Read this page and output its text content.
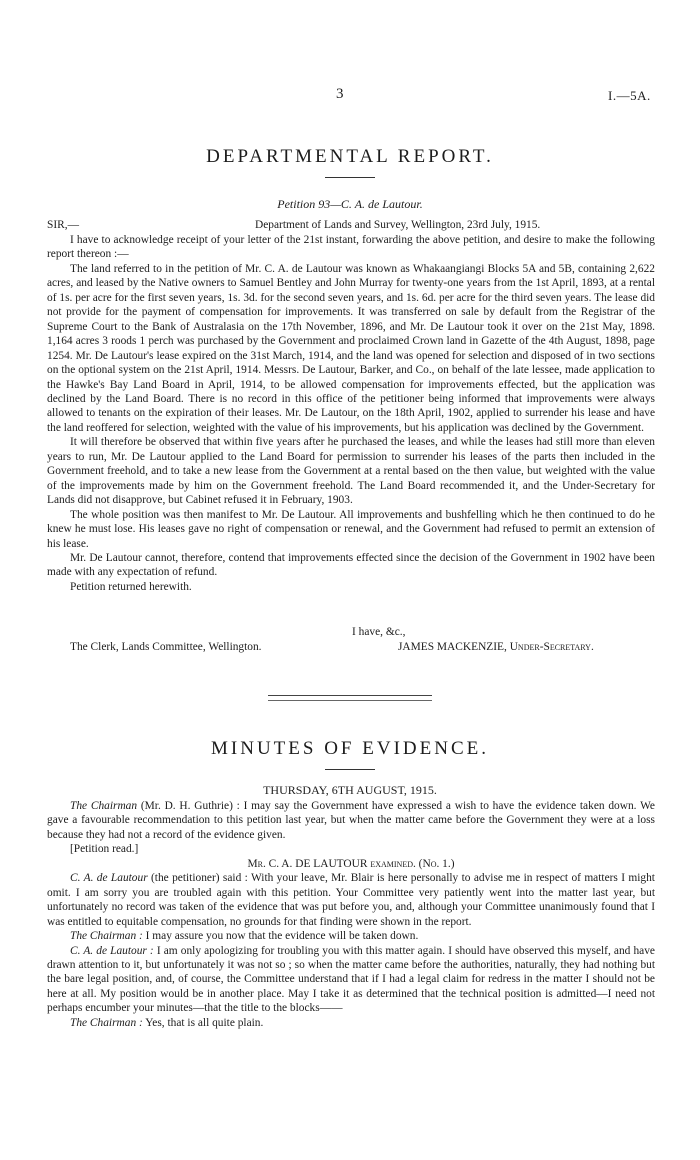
3	I.—5A.
DEPARTMENTAL REPORT.
Petition 93—C. A. de Lautour.
SIR,—	Department of Lands and Survey, Wellington, 23rd July, 1915.

I have to acknowledge receipt of your letter of the 21st instant, forwarding the above petition, and desire to make the following report thereon :—

The land referred to in the petition of Mr. C. A. de Lautour was known as Whakaangiangi Blocks 5A and 5B, containing 2,622 acres, and leased by the Native owners to Samuel Bentley and John Murray for twenty-one years from the 1st April, 1893, at a rental of 1s. per acre for the first seven years, 1s. 3d. for the second seven years, and 1s. 6d. per acre for the third seven years. The lease did not provide for the payment of compensation for improvements. It was transferred on sale by default from the Registrar of the Supreme Court to the Bank of Australasia on the 17th November, 1896, and Mr. De Lautour took it over on the 21st May, 1898. 1,164 acres 3 roods 1 perch was purchased by the Government and proclaimed Crown land in Gazette of the 4th August, 1898, page 1254. Mr. De Lautour's lease expired on the 31st March, 1914, and the land was opened for selection and disposed of in two sections on the optional system on the 21st April, 1914. Messrs. De Lautour, Barker, and Co., on behalf of the late lessee, made application to the Hawke's Bay Land Board in April, 1914, to be allowed compensation for improvements effected, but the application was declined by the Land Board. There is no record in this office of the petitioner being informed that improvements were always allowed to tenants on the expiration of their leases. Mr. De Lautour, on the 18th April, 1902, applied to surrender his lease and have the land reoffered for selection, weighted with the value of his improvements, but his application was declined by the Government.

It will therefore be observed that within five years after he purchased the leases, and while the leases had still more than eleven years to run, Mr. De Lautour applied to the Land Board for permission to surrender his leases of the parts then included in the Government freehold, and to take a new lease from the Government at a rental based on the then value, but weighted with the value of the improvements made by him on the Government freehold. The Land Board recommended it, and the Under-Secretary for Lands did not disapprove, but Cabinet refused it in February, 1903.

The whole position was then manifest to Mr. De Lautour. All improvements and bushfelling which he then continued to do he knew he must lose. His leases gave no right of compensation or renewal, and the Government had refused to permit an extension of his lease.

Mr. De Lautour cannot, therefore, contend that improvements effected since the decision of the Government in 1902 have been made with any expectation of refund.

Petition returned herewith.

I have, &c.,
The Clerk, Lands Committee, Wellington.	JAMES MACKENZIE, Under-Secretary.
MINUTES OF EVIDENCE.
THURSDAY, 6TH AUGUST, 1915.

The Chairman (Mr. D. H. Guthrie) : I may say the Government have expressed a wish to have the evidence taken down. We gave a favourable recommendation to this petition last year, but when the matter came before the Government they were at a loss because they had not a record of the evidence given.

[Petition read.]

Mr. C. A. DE LAUTOUR examined. (No. 1.)

C. A. de Lautour (the petitioner) said : With your leave, Mr. Blair is here personally to advise me in respect of matters I might omit. I am sorry you are troubled again with this petition. Your Committee very patiently went into the matter last year, but unfortunately no record was taken of the evidence that was put before you, and, although your Committee unanimously found that I was entitled to equitable compensation, no grounds for that finding were shown in the report.

The Chairman : I may assure you now that the evidence will be taken down.

C. A. de Lautour : I am only apologizing for troubling you with this matter again. I should have observed this myself, and have drawn attention to it, but unfortunately it was not so ; so when the matter came before the authorities, naturally, they had nothing but the bare legal position, and, of course, the Committee understand that if I had a legal claim for redress in the matter I should not be here at all. My position would be in another place. May I take it as determined that the technical position is admitted—I need not perhaps encumber your minutes—that the title to the blocks——

The Chairman : Yes, that is all quite plain.
